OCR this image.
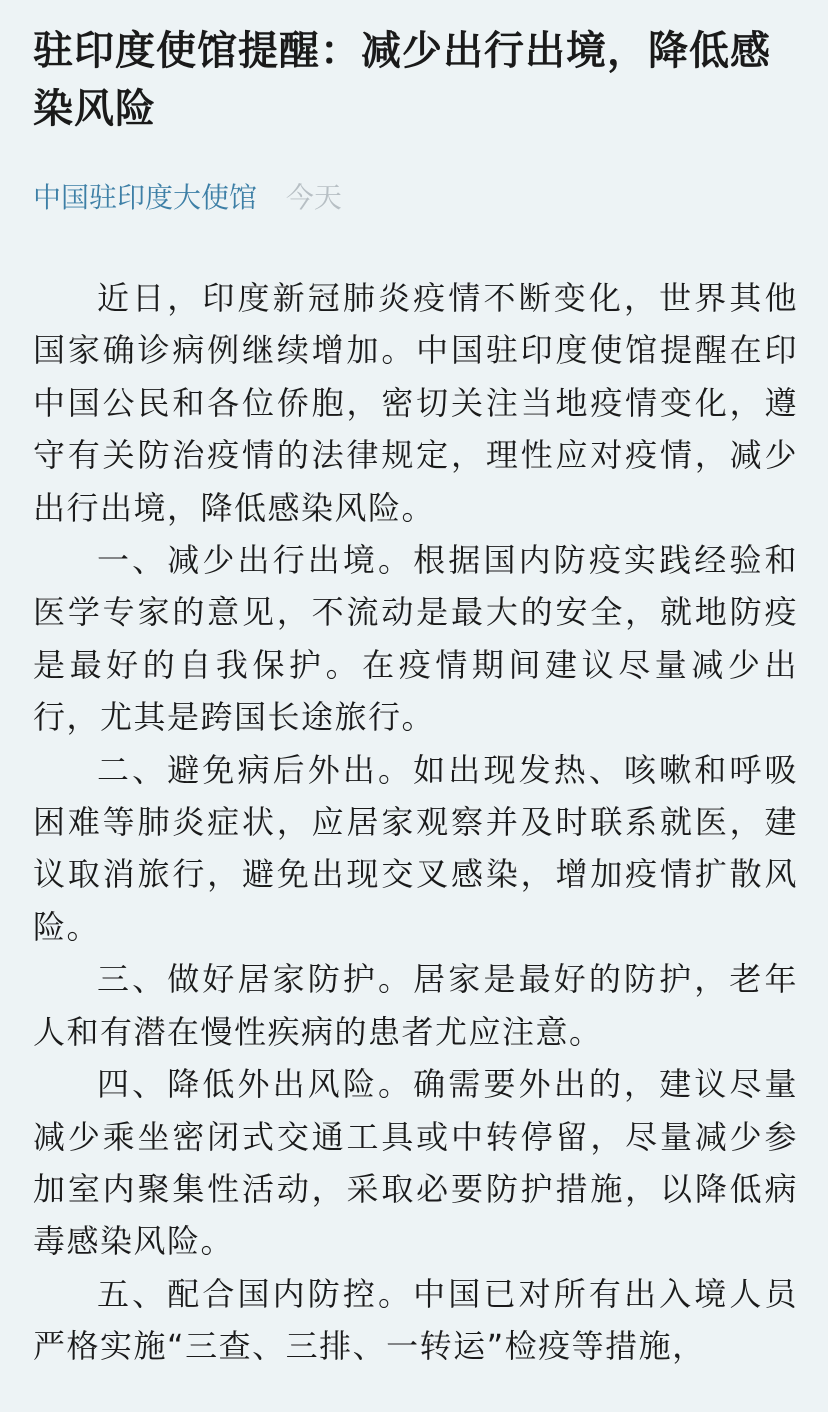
驻印度使馆提醒：减少出行出境，降低感染风险
中国驻印度大使馆 今天

近日，印度新冠肺炎疫情不断变化，世界其他国家确诊病例继续增加。中国驻印度使馆提醒在印中国公民和各位侨胞，密切关注当地疫情变化，遵守有关防治疫情的法律规定，理性应对疫情，减少出行出境，降低感染风险。

一、减少出行出境。根据国内防疫实践经验和医学专家的意见，不流动是最大的安全，就地防疫是最好的自我保护。在疫情期间建议尽量减少出行，尤其是跨国长途旅行。

二、避免病后外出。如出现发热、咳嗽和呼吸困难等肺炎症状，应居家观察并及时联系就医，建议取消旅行，避免出现交叉感染，增加疫情扩散风险。

三、做好居家防护。居家是最好的防护，老年人和有潜在慢性疾病的患者尤应注意。

四、降低外出风险。确需要外出的，建议尽量减少乘坐密闭式交通工具或中转停留，尽量减少参加室内聚集性活动，采取必要防护措施，以降低病毒感染风险。

五、配合国内防控。中国已对所有出入境人员严格实施“三查、三排、一转运”检疫等措施，
